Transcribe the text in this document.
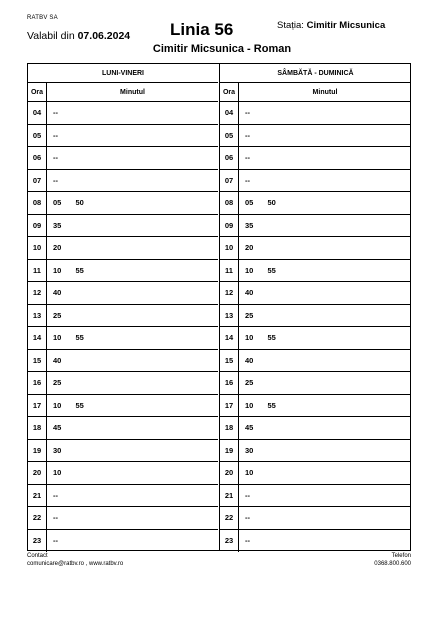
RATBV SA
Valabil din 07.06.2024 Linia 56	Stația: Cimitir Micsunica
Cimitir Micsunica - Roman
LUNI-VINERI
Ora	Minutul
04	--
05	--
06	--
07	--
08	05  50
09	35
10	20
11	10  55
12	40
13	25
14	10  55
15	40
16	25
17	10  55
18	45
19	30
20	10
21	--
22	--
23	--
SÂMBĂTĂ - DUMINICĂ
Ora	Minutul
04	--
05	--
06	--
07	--
08	05  50
09	35
10	20
11	10  55
12	40
13	25
14	10  55
15	40
16	25
17	10  55
18	45
19	30
20	10
21	--
22	--
23	--
Contact
comunicare@ratbv.ro , www.ratbv.ro
Telefon
0368.800.600
